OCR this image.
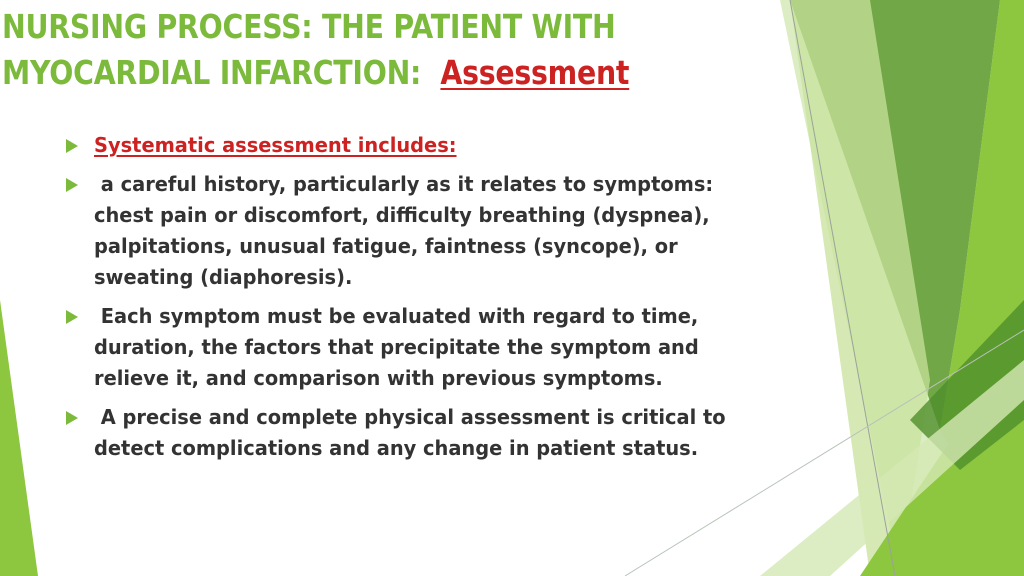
NURSING PROCESS: THE PATIENT WITH
MYOCARDIAL INFARCTION: Assessment
Systematic assessment includes:
a careful history, particularly as it relates to symptoms: chest pain or discomfort, difficulty breathing (dyspnea), palpitations, unusual fatigue, faintness (syncope), or sweating (diaphoresis).
Each symptom must be evaluated with regard to time, duration, the factors that precipitate the symptom and relieve it, and comparison with previous symptoms.
A precise and complete physical assessment is critical to detect complications and any change in patient status.
